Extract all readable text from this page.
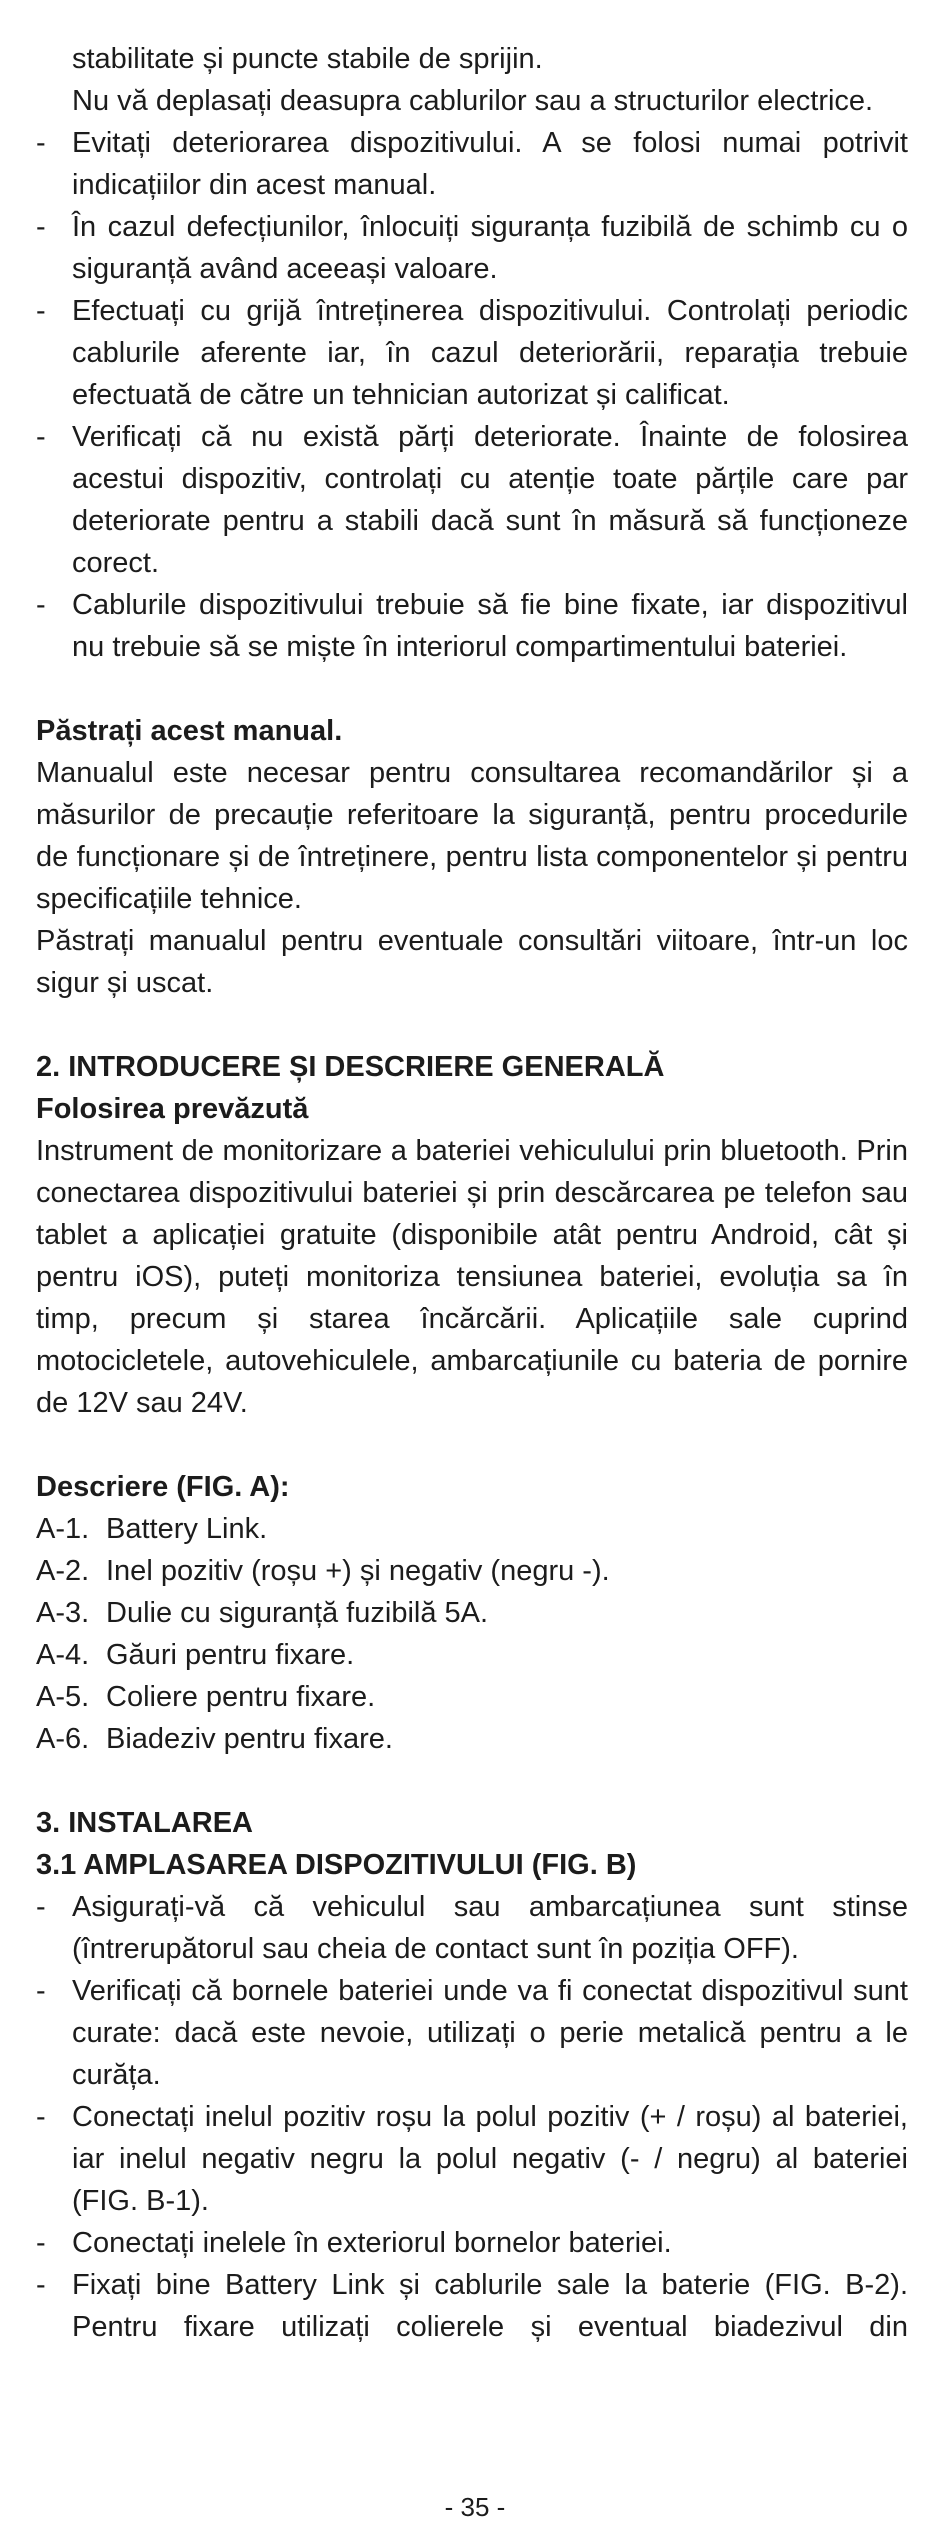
stabilitate și puncte stabile de sprijin.

Nu vă deplasați deasupra cablurilor sau a structurilor electrice.

- Evitați deteriorarea dispozitivului. A se folosi numai potrivit indicațiilor din acest manual.

- În cazul defecțiunilor, înlocuiți siguranța fuzibilă de schimb cu o siguranță având aceeași valoare.

- Efectuați cu grijă întreținerea dispozitivului. Controlați periodic cablurile aferente iar, în cazul deteriorării, reparația trebuie efectuată de către un tehnician autorizat și calificat.

- Verificați că nu există părți deteriorate. Înainte de folosirea acestui dispozitiv, controlați cu atenție toate părțile care par deteriorate pentru a stabili dacă sunt în măsură să funcționeze corect.

- Cablurile dispozitivului trebuie să fie bine fixate, iar dispozitivul nu trebuie să se miște în interiorul compartimentului bateriei.

Păstrați acest manual.

Manualul este necesar pentru consultarea recomandărilor și a măsurilor de precauție referitoare la siguranță, pentru procedurile de funcționare și de întreținere, pentru lista componentelor și pentru specificațiile tehnice.

Păstrați manualul pentru eventuale consultări viitoare, într-un loc sigur și uscat.

2. INTRODUCERE ȘI DESCRIERE GENERALĂ

Folosirea prevăzută

Instrument de monitorizare a bateriei vehiculului prin bluetooth. Prin conectarea dispozitivului bateriei și prin descărcarea pe telefon sau tablet a aplicației gratuite (disponibile atât pentru Android, cât și pentru iOS), puteți monitoriza tensiunea bateriei, evoluția sa în timp, precum și starea încărcării. Aplicațiile sale cuprind motocicletele, autovehiculele, ambarcațiunile cu bateria de pornire de 12V sau 24V.

Descriere (FIG. A):

A-1. Battery Link.

A-2. Inel pozitiv (roșu +) și negativ (negru -).

A-3. Dulie cu siguranță fuzibilă 5A.

A-4. Găuri pentru fixare.

A-5. Coliere pentru fixare.

A-6. Biadeziv pentru fixare.

3. INSTALAREA

3.1 AMPLASAREA DISPOZITIVULUI (FIG. B)

- Asigurați-vă că vehiculul sau ambarcațiunea sunt stinse (întrerupătorul sau cheia de contact sunt în poziția OFF).

- Verificați că bornele bateriei unde va fi conectat dispozitivul sunt curate: dacă este nevoie, utilizați o perie metalică pentru a le curăța.

- Conectați inelul pozitiv roșu la polul pozitiv (+ / roșu) al bateriei, iar inelul negativ negru la polul negativ (- / negru) al bateriei (FIG. B-1).

- Conectați inelele în exteriorul bornelor bateriei.

- Fixați bine Battery Link și cablurile sale la baterie (FIG. B-2). Pentru fixare utilizați colierele și eventual biadezivul din

- 35 -
